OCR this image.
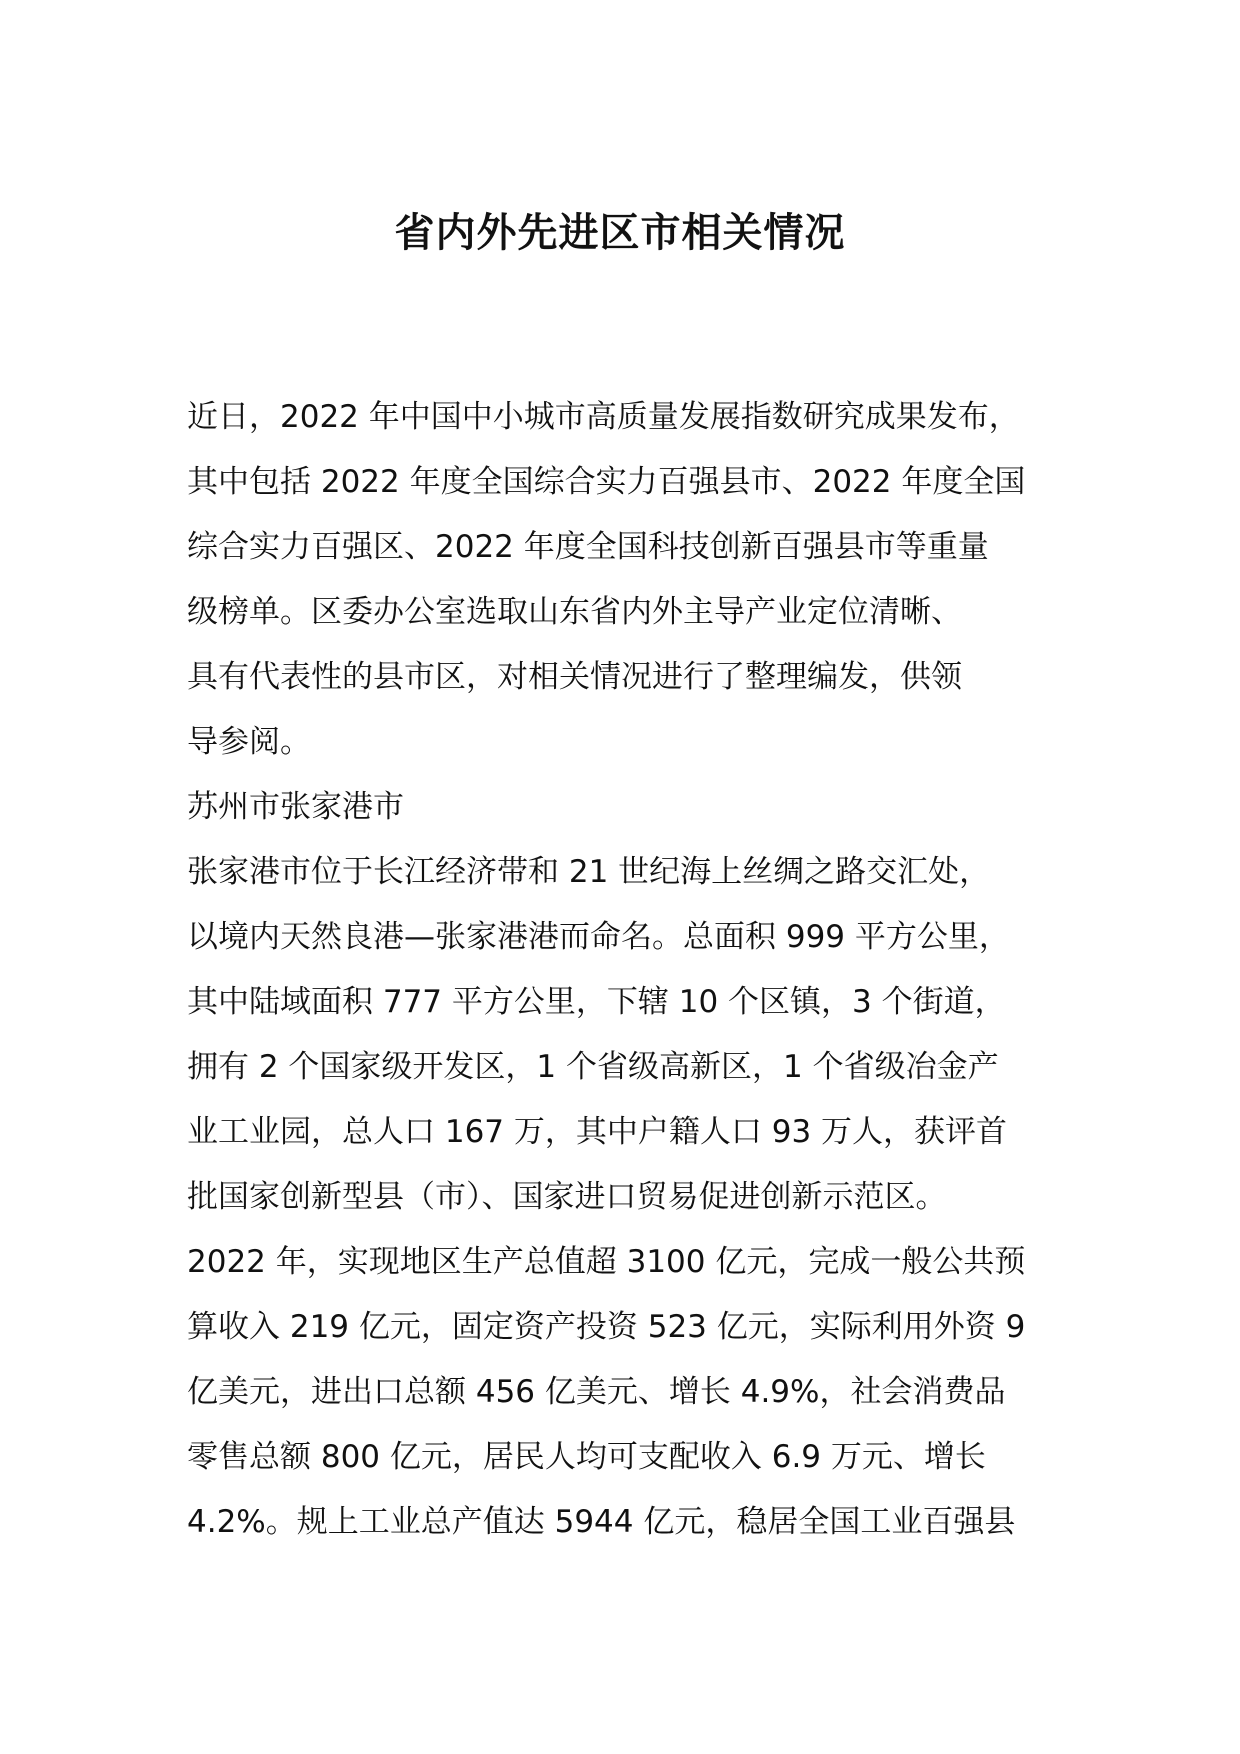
省内外先进区市相关情况
近日，2022 年中国中小城市高质量发展指数研究成果发布，
其中包括 2022 年度全国综合实力百强县市、2022 年度全国
综合实力百强区、2022 年度全国科技创新百强县市等重量
级榜单。区委办公室选取山东省内外主导产业定位清晰、
具有代表性的县市区，对相关情况进行了整理编发，供领
导参阅。
苏州市张家港市
张家港市位于长江经济带和 21 世纪海上丝绸之路交汇处，
以境内天然良港—张家港港而命名。总面积 999 平方公里，
其中陆域面积 777 平方公里，下辖 10 个区镇，3 个街道，
拥有 2 个国家级开发区，1 个省级高新区，1 个省级冶金产
业工业园，总人口 167 万，其中户籍人口 93 万人，获评首
批国家创新型县（市）、国家进口贸易促进创新示范区。
2022 年，实现地区生产总值超 3100 亿元，完成一般公共预
算收入 219 亿元，固定资产投资 523 亿元，实际利用外资 9
亿美元，进出口总额 456 亿美元、增长 4.9%，社会消费品
零售总额 800 亿元，居民人均可支配收入 6.9 万元、增长
4.2%。规上工业总产值达 5944 亿元，稳居全国工业百强县
